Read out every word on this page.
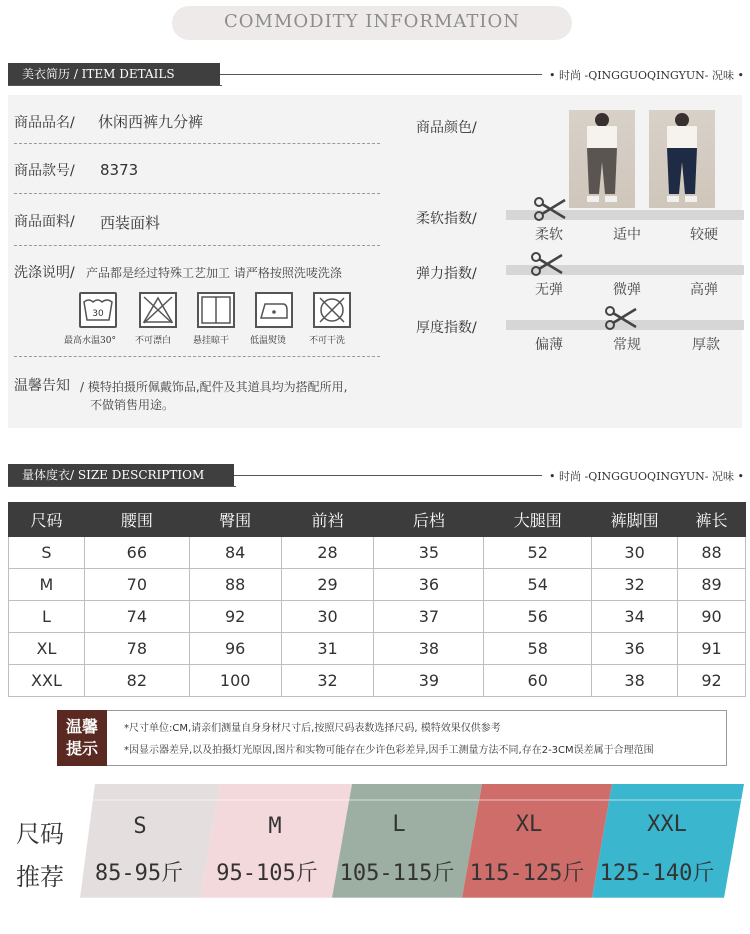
COMMODITY INFORMATION
美衣简历 / ITEM DETAILS	• 时尚 -QINGGUOQINGYUN- 况味 •
商品品名/ 休闲西裤九分裤
商品款号/ 8373
商品面料/ 西装面料
洗涤说明/ 产品都是经过特殊工艺加工 请严格按照洗唛洗涤
30
最高水温30° 不可漂白 悬挂晾干 低温熨烫	不可干洗
温馨告知 / 模特拍摄所佩戴饰品,配件及其道具均为搭配所用,
不做销售用途。
商品颜色/
柔软指数/
柔软	适中	较硬
弹力指数/
无弹	微弹	高弹
厚度指数/
偏薄	常规	厚款
量体度衣/ SIZE DESCRIPTIOM	• 时尚 -QINGGUOQINGYUN- 况味 •
尺码	腰围	臀围	前裆	后档	大腿围	裤脚围	裤长
S	66	84	28	35	52	30	88
M	70	88	29	36	54	32	89
L	74	92	30	37	56	34	90
XL	78	96	31	38	58	36	91
XXL	82	100	32	39	60	38	92
温馨
提示
*尺寸单位:CM,请亲们测量自身身材尺寸后,按照尺码表数选择尺码, 模特效果仅供参考
*因显示器差异,以及拍摄灯光原因,图片和实物可能存在少许色彩差异,因手工测量方法不同,存在2-3CM误差属于合理范围
尺码
推荐
S	M	L	XL	XXL
85-95斤	95-105斤 105-115斤 115-125斤 125-140斤
